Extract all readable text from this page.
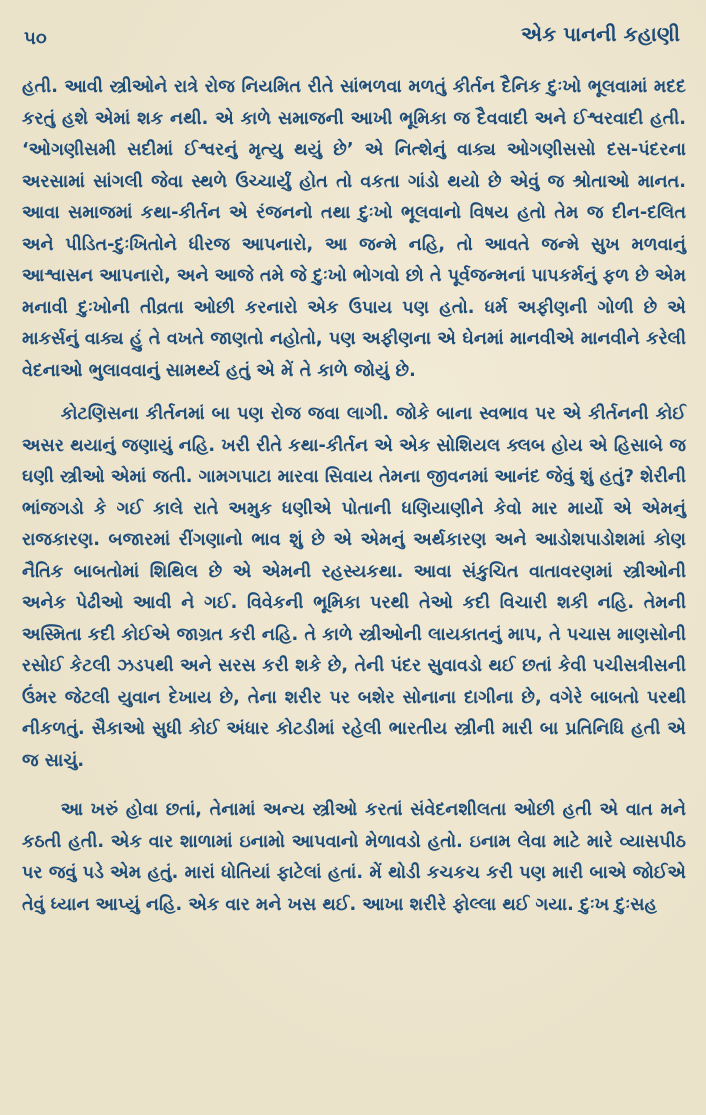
૫૦	એક પાનની કહાણી

હતી. આવી સ્ત્રીઓને રાત્રે રોજ નિયમિત રીતે સાંભળવા મળતું કીર્તન દૈનિક દુઃખો ભૂલવામાં મદદ કરતું હશે એમાં શક નથી. એ કાળે સમાજની આખી ભૂમિકા જ દૈવવાદી અને ઈશ્વરવાદી હતી. ‘ઓગણીસમી સદીમાં ઈશ્વરનું મૃત્યુ થયું છે’ એ નિત્શેનું વાક્ય ઓગણીસસો દસ-પંદરના અરસામાં સાંગલી જેવા સ્થળે ઉચ્ચાર્યું હોત તો વકતા ગાંડો થયો છે એવું જ શ્રોતાઓ માનત. આવા સમાજમાં કથા-કીર્તન એ રંજનનો તથા દુઃખો ભૂલવાનો વિષય હતો તેમ જ દીન-દલિત અને પીડિત-દુઃખિતોને ધીરજ આપનારો, આ જન્મે નહિ, તો આવતે જન્મે સુખ મળવાનું આશ્વાસન આપનારો, અને આજે તમે જે દુઃખો ભોગવો છો તે પૂર્વજન્મનાં પાપકર્મનું ફળ છે એમ મનાવી દુઃખોની તીવ્રતા ઓછી કરનારો એક ઉપાય પણ હતો. ધર્મ અફીણની ગોળી છે એ માકર્સનું વાક્ય હું તે વખતે જાણતો નહોતો, પણ અફીણના એ ઘેનમાં માનવીએ માનવીને કરેલી વેદનાઓ ભુલાવવાનું સામર્થ્ય હતું એ મેં તે કાળે જોયું છે.

કોટણિસના કીર્તનમાં બા પણ રોજ જવા લાગી. જોકે બાના સ્વભાવ પર એ કીર્તનની કોઈ અસર થયાનું જણાયું નહિ. ખરી રીતે કથા-કીર્તન એ એક સોશિયલ ક્લબ હોય એ હિસાબે જ ઘણી સ્ત્રીઓ એમાં જતી. ગામગપાટા મારવા સિવાય તેમના જીવનમાં આનંદ જેવું શું હતું? શેરીની ભાંજગડો કે ગઈ કાલે રાતે અમુક ધણીએ પોતાની ધણિયાણીને કેવો માર માર્યો એ એમનું રાજકારણ. બજારમાં રીંગણાનો ભાવ શું છે એ એમનું અર્થકારણ અને આડોશપાડોશમાં કોણ નૈતિક બાબતોમાં શિથિલ છે એ એમની રહસ્યકથા. આવા સંકુચિત વાતાવરણમાં સ્ત્રીઓની અનેક પેઢીઓ આવી ને ગઈ. વિવેકની ભૂમિકા પરથી તેઓ કદી વિચારી શકી નહિ. તેમની અસ્મિતા કદી કોઈએ જાગ્રત કરી નહિ. તે કાળે સ્ત્રીઓની લાયકાતનું માપ, તે પચાસ માણસોની રસોઈ કેટલી ઝડપથી અને સરસ કરી શકે છે, તેની પંદર સુવાવડો થઈ છતાં કેવી પચીસત્રીસની ઉંમર જેટલી યુવાન દેખાય છે, તેના શરીર પર બશેર સોનાના દાગીના છે, વગેરે બાબતો પરથી નીકળતું. સૈકાઓ સુધી કોઈ અંધાર કોટડીમાં રહેલી ભારતીય સ્ત્રીની મારી બા પ્રતિનિધિ હતી એ જ સાચું.

આ ખરું હોવા છતાં, તેનામાં અન્ય સ્ત્રીઓ કરતાં સંવેદનશીલતા ઓછી હતી એ વાત મને કઠતી હતી. એક વાર શાળામાં ઇનામો આપવાનો મેળાવડો હતો. ઇનામ લેવા માટે મારે વ્યાસપીઠ પર જવું પડે એમ હતું. મારાં ધોતિયાં ફાટેલાં હતાં. મેં થોડી કચકચ કરી પણ મારી બાએ જોઈએ તેવું ધ્યાન આપ્યું નહિ. એક વાર મને ખસ થઈ. આખા શરીરે ફોલ્લા થઈ ગયા. દુઃખ દુઃસહ
